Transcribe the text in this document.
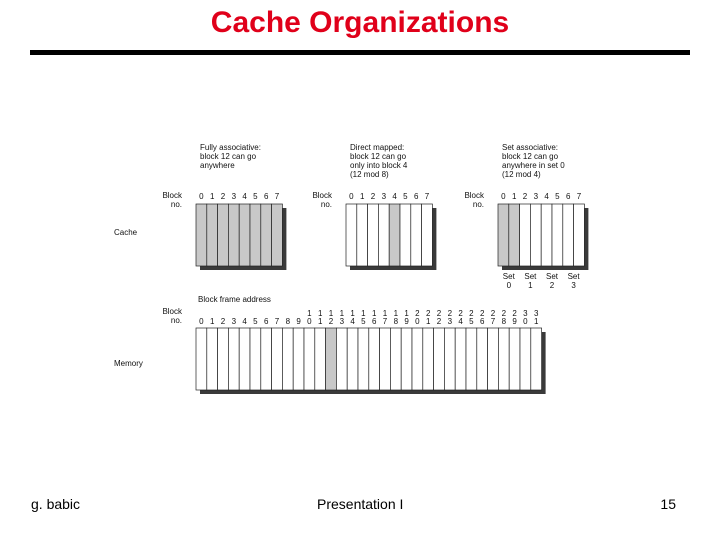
Cache Organizations
Fully associative:
block 12 can go
anywhere
Block
no.
0 1 2 3 4 5 6 7
Direct mapped:
block 12 can go
only into block 4
(12 mod 8)
Block
no.
0 1 2 3 4 5 6 7
Set associative:
block 12 can go
anywhere in set 0
(12 mod 4)
Block
no.
0 1 2 3 4 5 6 7
Set
0
Set
1
Set
2
Set
3
Cache
Block frame address
Block
no. 0 1 2 3 4 5 6 7 8 9
1
0
1
1
1
2
1
3
1
4
1
5
1
6
1
7
1
8
1
9
2
0
2
1
2
2
2
3
2
4
2
5
2
6
2
7
2
8
2
9
3
0
3
1
Memory
g. babic	Presentation I	15
